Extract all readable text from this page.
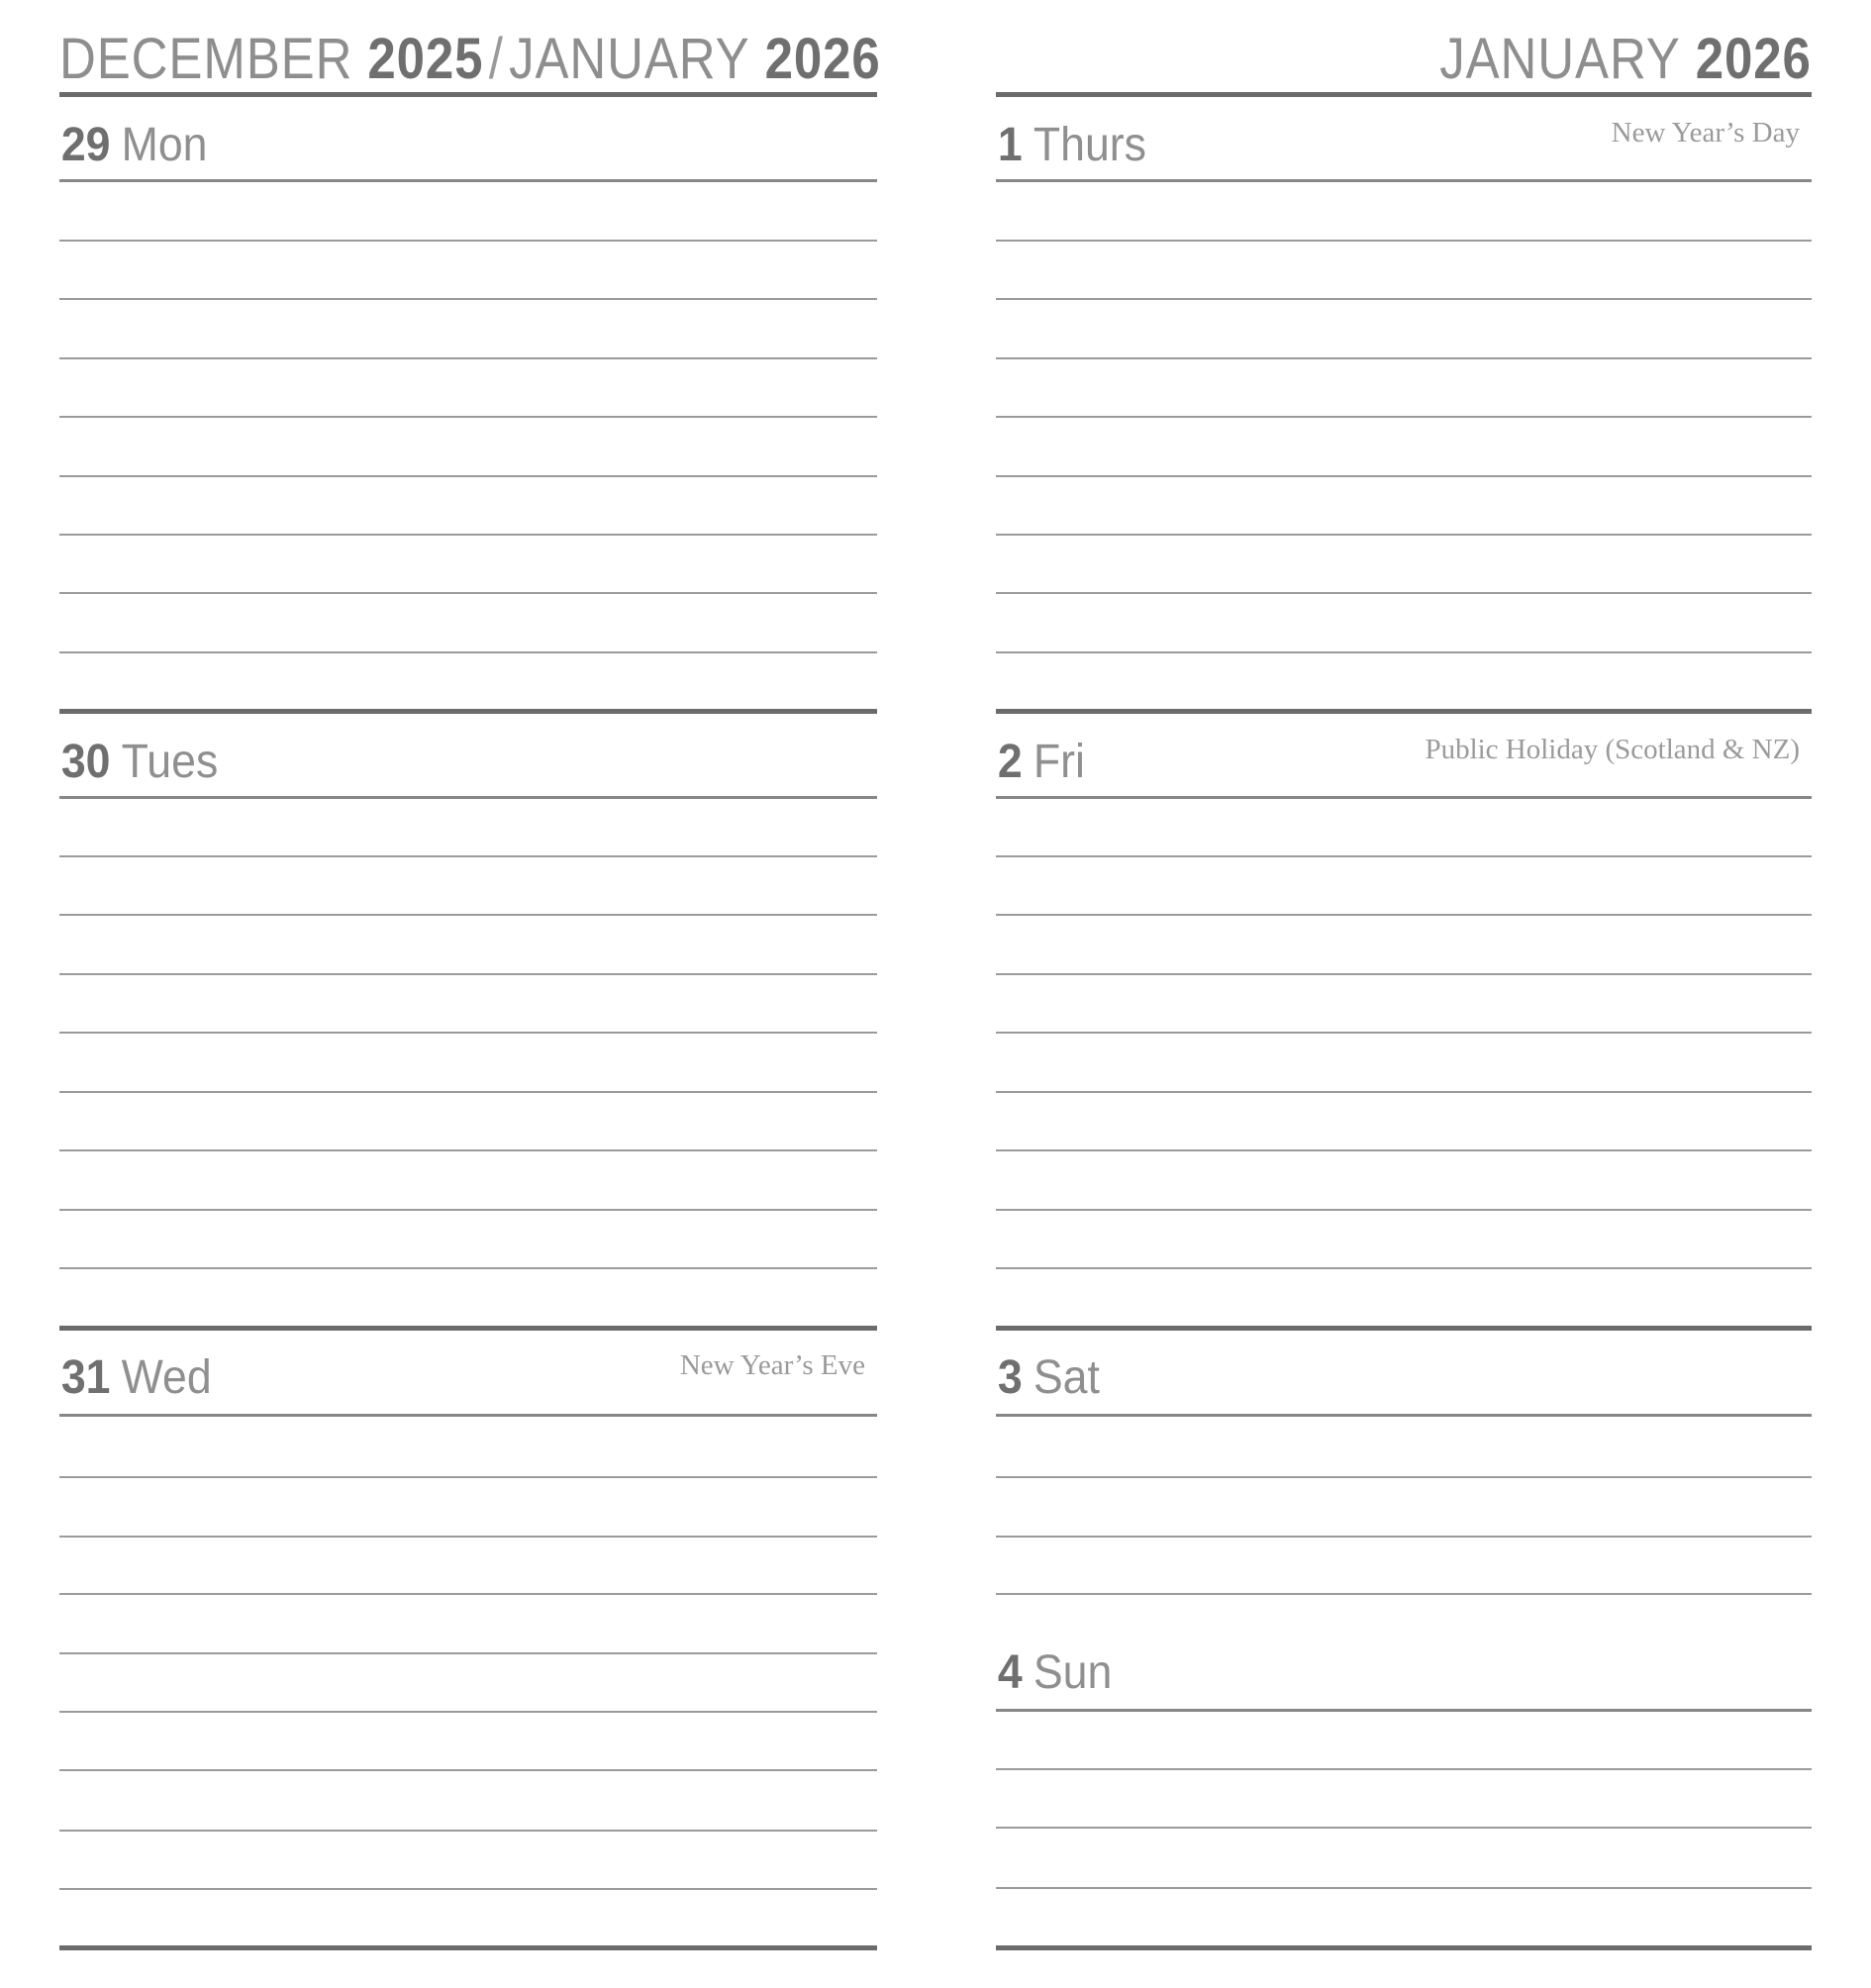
DECEMBER 2025/JANUARY 2026
29 Mon
30 Tues
31 Wed	New Year’s Eve
JANUARY 2026
1 Thurs	New Year’s Day
2 Fri	Public Holiday (Scotland & NZ)
3 Sat
4 Sun
